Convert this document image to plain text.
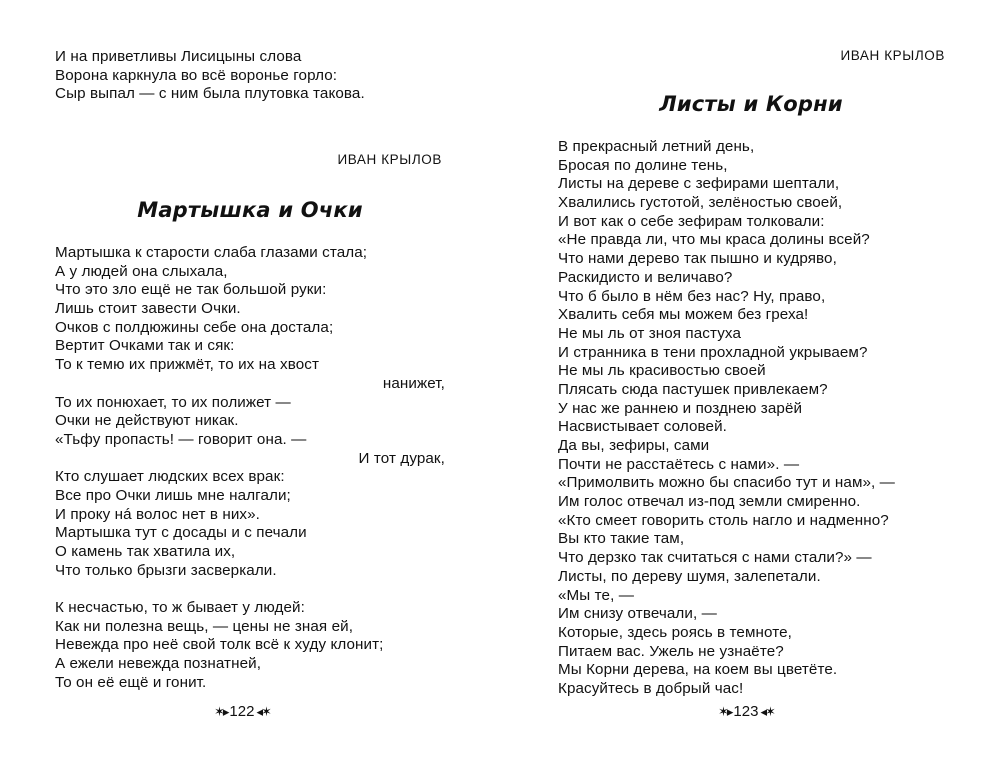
И на приветливы Лисицыны слова
Ворона каркнула во всё воронье горло:
Сыр выпал — с ним была плутовка такова.
ИВАН КРЫЛОВ
Мартышка и Очки
Мартышка к старости слаба глазами стала;
А у людей она слыхала,
Что это зло ещё не так большой руки:
Лишь стоит завести Очки.
Очков с полдюжины себе она достала;
Вертит Очками так и сяк:
То к темю их прижмёт, то их на хвост
нанижет,
То их понюхает, то их полижет —
Очки не действуют никак.
«Тьфу пропасть! — говорит она. —
И тот дурак,
Кто слушает людских всех врак:
Все про Очки лишь мне налгали;
И проку нá волос нет в них».
Мартышка тут с досады и с печали
О камень так хватила их,
Что только брызги засверкали.
К несчастью, то ж бывает у людей:
Как ни полезна вещь, — цены не зная ей,
Невежда про неё свой толк всё к худу клонит;
А ежели невежда познатней,
То он её ещё и гонит.
✶▸
122
◂✶
ИВАН КРЫЛОВ
Листы и Корни
В прекрасный летний день,
Бросая по долине тень,
Листы на дереве с зефирами шептали,
Хвалились густотой, зелёностью своей,
И вот как о себе зефирам толковали:
«Не правда ли, что мы краса долины всей?
Что нами дерево так пышно и кудряво,
Раскидисто и величаво?
Что б было в нём без нас? Ну, право,
Хвалить себя мы можем без греха!
Не мы ль от зноя пастуха
И странника в тени прохладной укрываем?
Не мы ль красивостью своей
Плясать сюда пастушек привлекаем?
У нас же раннею и позднею зарёй
Насвистывает соловей.
Да вы, зефиры, сами
Почти не расстаётесь с нами». —
«Примолвить можно бы спасибо тут и нам», —
Им голос отвечал из-под земли смиренно.
«Кто смеет говорить столь нагло и надменно?
Вы кто такие там,
Что дерзко так считаться с нами стали?» —
Листы, по дереву шумя, залепетали.
«Мы те, —
Им снизу отвечали, —
Которые, здесь роясь в темноте,
Питаем вас. Ужель не узнаёте?
Мы Корни дерева, на коем вы цветёте.
Красуйтесь в добрый час!
✶▸
123
◂✶
